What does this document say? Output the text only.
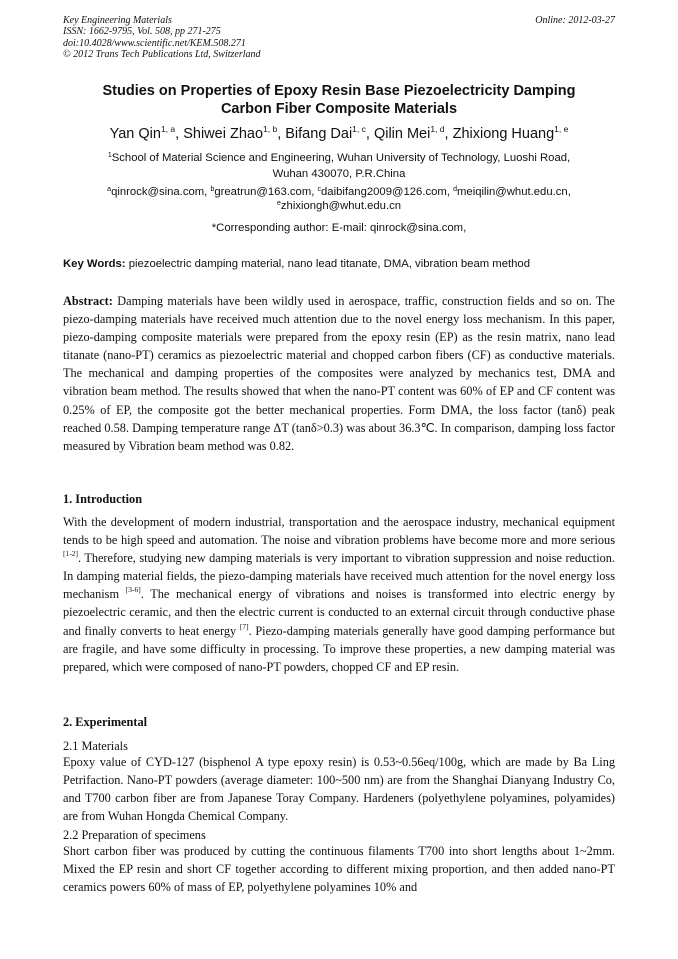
Key Engineering Materials
ISSN: 1662-9795, Vol. 508, pp 271-275
doi:10.4028/www.scientific.net/KEM.508.271
© 2012 Trans Tech Publications Ltd, Switzerland
Online: 2012-03-27
Studies on Properties of Epoxy Resin Base Piezoelectricity Damping
Carbon Fiber Composite Materials
Yan Qin$^{1, a}$, Shiwei Zhao$^{1, b}$, Bifang Dai$^{1, c}$, Qilin Mei$^{1, d}$, Zhixiong Huang$^{1, e}$
$^1$School of Material Science and Engineering, Wuhan University of Technology, Luoshi Road,
Wuhan 430070, P.R.China
$^a$qinrock@sina.com, $^b$greatrun@163.com, $^c$daibifang2009@126.com, $^d$meiqilin@whut.edu.cn,
$^e$zhixiongh@whut.edu.cn
*Corresponding author: E-mail: qinrock@sina.com,
Key Words: piezoelectric damping material, nano lead titanate, DMA, vibration beam method

Abstract: Damping materials have been wildly used in aerospace, traffic, construction fields and so on. The piezo-damping materials have received much attention due to the novel energy loss mechanism. In this paper, piezo-damping composite materials were prepared from the epoxy resin (EP) as the resin matrix, nano lead titanate (nano-PT) ceramics as piezoelectric material and chopped carbon fibers (CF) as conductive materials. The mechanical and damping properties of the composites were analyzed by mechanics test, DMA and vibration beam method. The results showed that when the nano-PT content was 60% of EP and CF content was 0.25% of EP, the composite got the better mechanical properties. Form DMA, the loss factor (tanδ) peak reached 0.58. Damping temperature range ΔT (tanδ>0.3) was about 36.3℃. In comparison, damping loss factor measured by Vibration beam method was 0.82.

1. Introduction

With the development of modern industrial, transportation and the aerospace industry, mechanical equipment tends to be high speed and automation. The noise and vibration problems have become more and more serious [1-2]. Therefore, studying new damping materials is very important to vibration suppression and noise reduction. In damping material fields, the piezo-damping materials have received much attention for the novel energy loss mechanism [3-6]. The mechanical energy of vibrations and noises is transformed into electric energy by piezoelectric ceramic, and then the electric current is conducted to an external circuit through conductive phase and finally converts to heat energy [7]. Piezo-damping materials generally have good damping performance but are fragile, and have some difficulty in processing. To improve these properties, a new damping material was prepared, which were composed of nano-PT powders, chopped CF and EP resin.

2. Experimental
2.1 Materials

Epoxy value of CYD-127 (bisphenol A type epoxy resin) is 0.53~0.56eq/100g, which are made by Ba Ling Petrifaction. Nano-PT powders (average diameter: 100~500 nm) are from the Shanghai Dianyang Industry Co, and T700 carbon fiber are from Japanese Toray Company. Hardeners (polyethylene polyamines, polyamides) are from Wuhan Hongda Chemical Company.

2.2 Preparation of specimens

Short carbon fiber was produced by cutting the continuous filaments T700 into short lengths about 1~2mm. Mixed the EP resin and short CF together according to different mixing proportion, and then added nano-PT ceramics powers 60% of mass of EP, polyethylene polyamines 10% and
